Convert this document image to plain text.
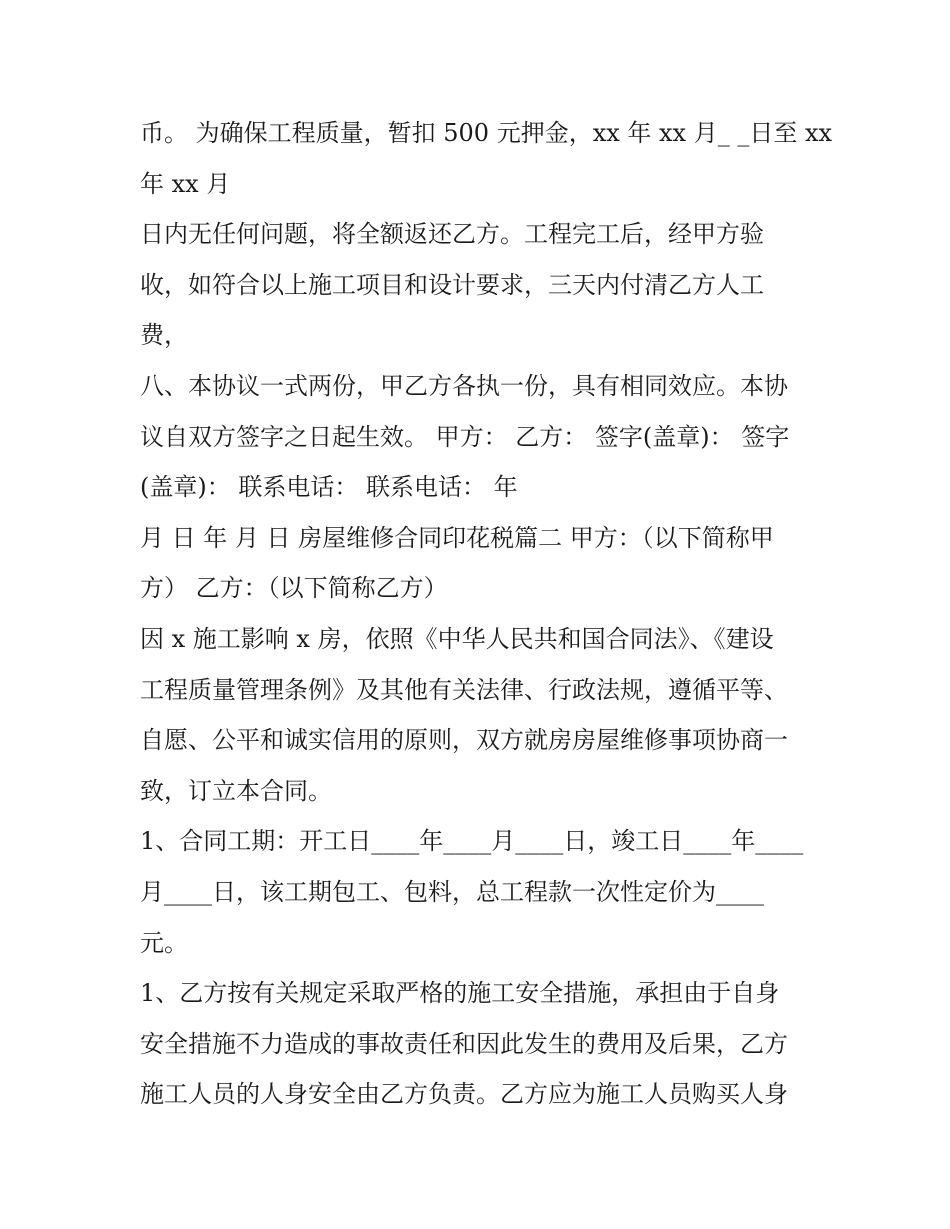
币。 为确保工程质量，暂扣 500 元押金，xx 年 xx 月_ _日至 xx
年 xx 月
日内无任何问题，将全额返还乙方。工程完工后，经甲方验
收，如符合以上施工项目和设计要求，三天内付清乙方人工
费，
八、本协议一式两份，甲乙方各执一份，具有相同效应。本协
议自双方签字之日起生效。 甲方： 乙方： 签字(盖章)： 签字
(盖章)： 联系电话： 联系电话： 年
月 日 年 月 日 房屋维修合同印花税篇二 甲方：（以下简称甲
方） 乙方：（以下简称乙方）
因 x 施工影响 x 房，依照《中华人民共和国合同法》、《建设
工程质量管理条例》及其他有关法律、行政法规，遵循平等、
自愿、公平和诚实信用的原则，双方就房房屋维修事项协商一
致，订立本合同。
1、合同工期：开工日____年____月____日，竣工日____年____
月____日，该工期包工、包料，总工程款一次性定价为____
元。
1、乙方按有关规定采取严格的施工安全措施，承担由于自身
安全措施不力造成的事故责任和因此发生的费用及后果，乙方
施工人员的人身安全由乙方负责。乙方应为施工人员购买人身
